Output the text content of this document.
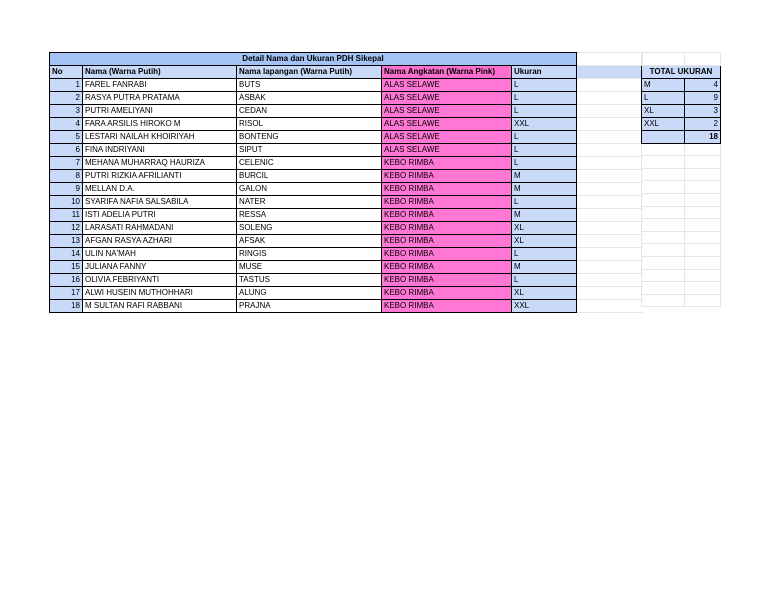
Detail Nama dan Ukuran PDH Sikepal					
No	Nama (Warna Putih)	Nama lapangan (Warna Putih)	Nama Angkatan (Warna Pink)	Ukuran	
1	FAREL FANRABI	BUTS	ALAS SELAWE	L	
2	RASYA PUTRA PRATAMA	ASBAK	ALAS SELAWE	L	
3	PUTRI AMELIYANI	CEDAN	ALAS SELAWE	L	
4	FARA ARSILIS HIROKO M	RISOL	ALAS SELAWE	XXL	
5	LESTARI NAILAH KHOIRIYAH	BONTENG	ALAS SELAWE	L	
6	FINA INDRIYANI	SIPUT	ALAS SELAWE	L	
7	MEHANA MUHARRAQ HAURIZA	CELENIC	KEBO RIMBA	L	
8	PUTRI RIZKIA AFRILIANTI	BURCIL	KEBO RIMBA	M	
9	MELLAN D.A.	GALON	KEBO RIMBA	M	
10	SYARIFA NAFIA SALSABILA	NATER	KEBO RIMBA	L	
11	ISTI ADELIA PUTRI	RESSA	KEBO RIMBA	M	
12	LARASATI RAHMADANI	SOLENG	KEBO RIMBA	XL	
13	AFGAN RASYA AZHARI	AFSAK	KEBO RIMBA	XL	
14	ULIN NA'MAH	RINGIS	KEBO RIMBA	L	
15	JULIANA FANNY	MUSE	KEBO RIMBA	M	
16	OLIVIA FEBRIYANTI	TASTUS	KEBO RIMBA	L	
17	ALWI HUSEIN MUTHOHHARI	ALUNG	KEBO RIMBA	XL	
18	M SULTAN RAFI RABBANI	PRAJNA	KEBO RIMBA	XXL	

TOTAL UKURAN	
M	4
L	9
XL	3
XXL	2
	18
